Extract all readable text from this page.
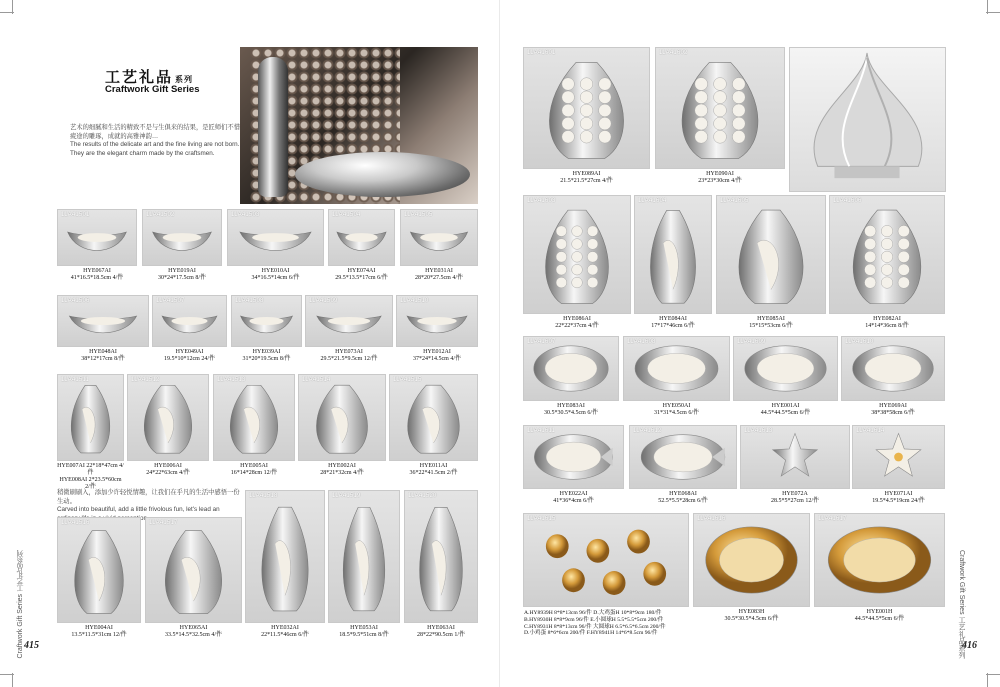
工艺礼品 系列
Craftwork Gift Series
艺术的细腻和生活的精致不是与生俱来的结果，是匠师们不惜疲途的雕琢，成就的高雅神韵…
The results of the delicate art and the fine living are not born. They are the elegant charm made by the craftsmen.
稍微刷刷入，添加少许轻悦情趣，让我们在乎凡的生活中感悟一份生动。
Carved into beautiful, add a little frivolous fun, let's lead an
415
Craftwork Gift Series 工艺礼品系列
11A41501
HYE067AI
41*16.5*18.5cm 4/件
11A41502
HYE019AI
30*24*17.5cm 8/件
11A41503
HYE010AI
34*16.5*14cm 6/件
11A41504
HYE074AI
29.5*13.5*17cm 6/件
11A41505
HYE031AI
28*20*27.5cm 4/件
11A41506
HYE048AI
38*12*17cm 8/件
11A41507
HYE049AI
19.5*10*12cm 24/件
11A41508
HYE039AI
31*20*19.5cm 8/件
11A41509
HYE073AI
29.5*21.5*9.5cm 12/件
11A41510
HYE012AI
37*24*14.5cm 4/件
11A41511
HYE007AI 22*18*47cm 4/件
HYE008AI 2*23.5*60cm 2/件
11A41512
HYE006AI
24*22*63cm 4/件
11A41513
HYE005AI
16*14*28cm 12/件
11A41514
HYE002AI
28*21*32cm 4/件
11A41515
HYE011AI
36*22*41.5cm 2/件
11A41516
HYE004AI
13.5*11.5*31cm 12/件
11A41517
HYE065AI
33.5*14.5*32.5cm 4/件
11A41518
HYE032AI
22*11.5*46cm 6/件
11A41519
HYE053AI
18.5*9.5*51cm 8/件
11A41520
HYE063AI
28*22*90.5cm 1/件
416
Craftwork Gift Series 工艺礼品系列
A.HY8939H 8*8*13cm 96/件 D.大鸡蛋H 10*8*9cm 180/件
B.HY8930H 8*8*9cm 96/件 E.小圆球H 5.5*5.5*5cm 200/件
C.HY8931H 8*8*13cm 96/件 大圆球H 6.5*6.5*6.5cm 200/件
D.小鸡蛋 8*6*6cm 200/件 F.HY8941H 14*6*8.5cm 96/件
11A41601
HYE089AI
21.5*21.5*27cm 4/件
11A41602
HYE090AI
23*23*30cm 4/件
11A41603
HYE086AI
22*22*37cm 4/件
11A41604
HYE084AI
17*17*46cm 6/件
11A41605
HYE085AI
15*15*53cm 6/件
11A41606
HYE082AI
14*14*36cm 8/件
11A41607
HYE083AI
30.5*30.5*4.5cm 6/件
11A41608
HYE050AI
31*31*4.5cm 6/件
11A41609
HYE001AI
44.5*44.5*5cm 6/件
11A41610
HYE069AI
38*38*58cm 6/件
11A41611
HYE022AI
41*36*4cm 6/件
11A41612
HYE068AI
52.5*5.5*28cm 6/件
11A41613
HYE072A
28.5*5*27cm 12/件
11A41614
HYE071AI
19.5*4.5*19cm 24/件
11A41615	11A41616
HYE083H
30.5*30.5*4.5cm 6/件
11A41617
HYE001H
44.5*44.5*5cm 6/件
